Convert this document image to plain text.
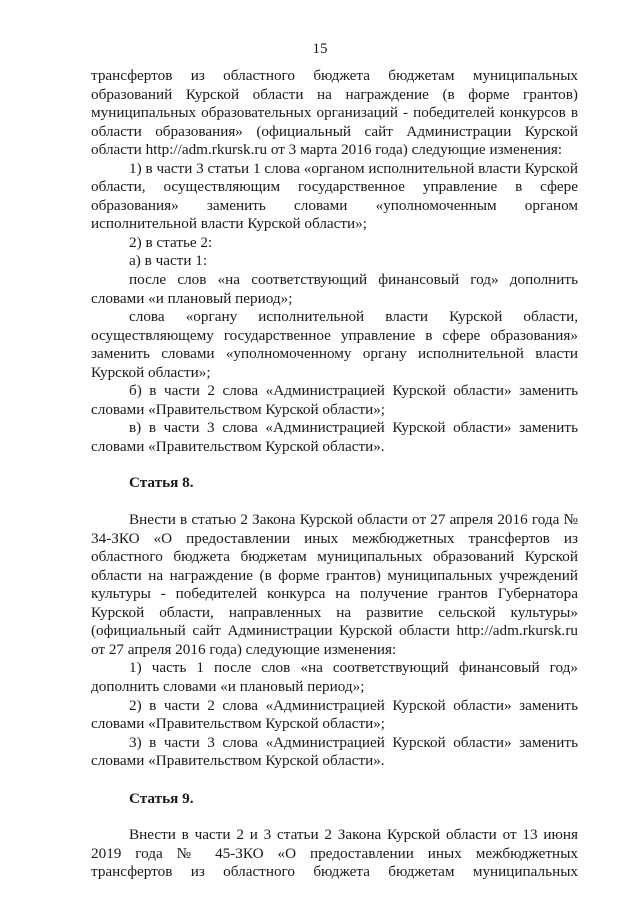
15

трансфертов из областного бюджета бюджетам муниципальных образований Курской области на награждение (в форме грантов) муниципальных образовательных организаций - победителей конкурсов в области образования» (официальный сайт Администрации Курской области http://adm.rkursk.ru от 3 марта 2016 года) следующие изменения:

1) в части 3 статьи 1 слова «органом исполнительной власти Курской области, осуществляющим государственное управление в сфере образования» заменить словами «уполномоченным органом исполнительной власти Курской области»;

2) в статье 2:

а) в части 1:

после слов «на соответствующий финансовый год» дополнить словами «и плановый период»;

слова «органу исполнительной власти Курской области, осуществляющему государственное управление в сфере образования» заменить словами «уполномоченному органу исполнительной власти Курской области»;

б) в части 2 слова «Администрацией Курской области» заменить словами «Правительством Курской области»;

в) в части 3 слова «Администрацией Курской области» заменить словами «Правительством Курской области».

Статья 8.

Внести в статью 2 Закона Курской области от 27 апреля 2016 года № 34-ЗКО «О предоставлении иных межбюджетных трансфертов из областного бюджета бюджетам муниципальных образований Курской области на награждение (в форме грантов) муниципальных учреждений культуры - победителей конкурса на получение грантов Губернатора Курской области, направленных на развитие сельской культуры» (официальный сайт Администрации Курской области http://adm.rkursk.ru от 27 апреля 2016 года) следующие изменения:

1) часть 1 после слов «на соответствующий финансовый год» дополнить словами «и плановый период»;

2) в части 2 слова «Администрацией Курской области» заменить словами «Правительством Курской области»;

3) в части 3 слова «Администрацией Курской области» заменить словами «Правительством Курской области».

Статья 9.

Внести в части 2 и 3 статьи 2 Закона Курской области от 13 июня 2019 года № 45-ЗКО «О предоставлении иных межбюджетных трансфертов из областного бюджета бюджетам муниципальных
